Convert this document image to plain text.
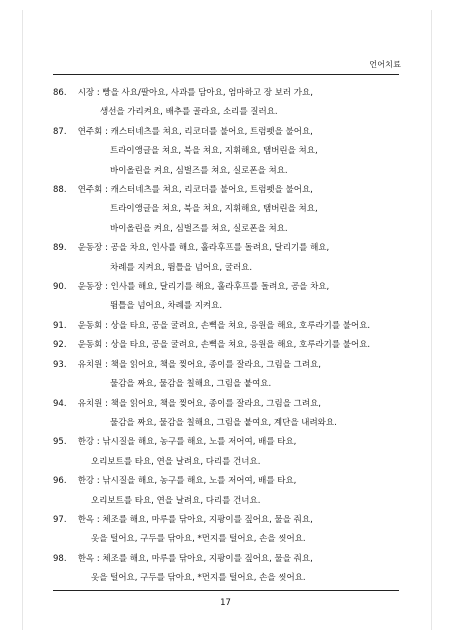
언어치료
86. 시장 : 빵을 사요/팔아요, 사과를 담아요, 엄마하고 장 보러 가요,
생선을 가리켜요, 배추를 골라요, 소리를 질러요.
87. 연주회 : 캐스터네츠를 쳐요, 리코더를 불어요, 트럼펫을 불어요,
트라이앵글을 쳐요, 북을 쳐요, 지휘해요, 탬버린을 쳐요,
바이올린을 켜요, 심벌즈를 쳐요, 실로폰을 쳐요.
88. 연주회 : 캐스터네츠를 쳐요, 리코더를 불어요, 트럼펫을 불어요,
트라이앵글을 쳐요, 북을 쳐요, 지휘해요, 탬버린을 쳐요,
바이올린을 켜요, 심벌즈를 쳐요, 실로폰을 쳐요.
89. 운동장 : 공을 차요, 인사를 해요, 훌라후프를 돌려요, 달리기를 해요,
차례를 지켜요, 뜀틀을 넘어요, 굴러요.
90. 운동장 : 인사를 해요, 달리기를 해요, 훌라후프를 돌려요, 공을 차요,
뜀틀을 넘어요, 차례를 지켜요.
91. 운동회 : 상을 타요, 공을 굴려요, 손뼉을 쳐요, 응원을 해요, 호루라기를 불어요.
92. 운동회 : 상을 타요, 공을 굴려요, 손뼉을 쳐요, 응원을 해요, 호루라기를 불어요.
93. 유치원 : 책을 읽어요, 책을 찢어요, 종이를 잘라요, 그림을 그려요,
물감을 짜요, 물감을 칠해요, 그림을 붙여요.
94. 유치원 : 책을 읽어요, 책을 찢어요, 종이를 잘라요, 그림을 그려요,
물감을 짜요, 물감을 칠해요, 그림을 붙여요, 계단을 내려와요.
95. 한강 : 낚시질을 해요, 농구를 해요, 노를 저어여, 배를 타요,
오리보트를 타요, 연을 날려요, 다리를 건너요.
96. 한강 : 낚시질을 해요, 농구를 해요, 노를 저어여, 배를 타요,
오리보트를 타요, 연을 날려요, 다리를 건너요.
97. 한옥 : 체조를 해요, 마루를 닦아요, 지팡이를 짚어요, 물을 줘요,
옷을 털어요, 구두를 닦아요, *먼지를 털어요, 손을 씻어요.
98. 한옥 : 체조를 해요, 마루를 닦아요, 지팡이를 짚어요, 물을 줘요,
옷을 털어요, 구두를 닦아요, *먼지를 털어요, 손을 씻어요.
17
